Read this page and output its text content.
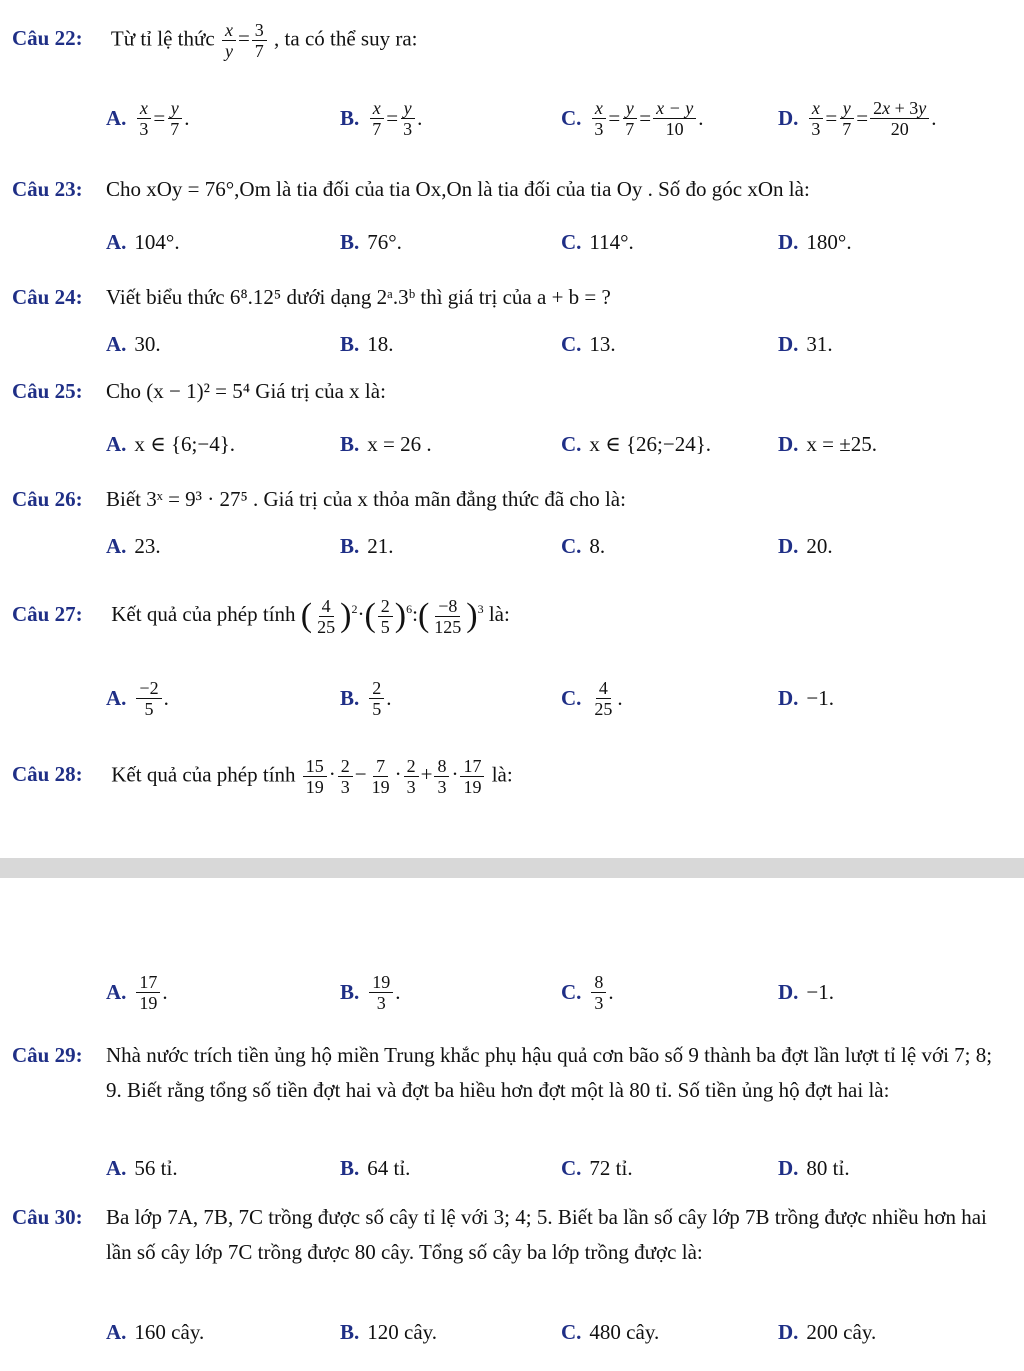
Câu 22: Từ tỉ lệ thức $\frac{x}{y} = \frac{3}{7}$ , ta có thể suy ra:
A. $\frac{x}{3} = \frac{y}{7}$ .	B. $\frac{x}{7} = \frac{y}{3}$ .	C. $\frac{x}{3} = \frac{y}{7} = \frac{x - y}{10}$ .	D. $\frac{x}{3} = \frac{y}{7} = \frac{2x + 3y}{20}$ .
Câu 23: Cho xOy = 76°,Om là tia đối của tia Ox,On là tia đối của tia Oy . Số đo góc xOn là:
A. 104°.	B. 76°.	C. 114°.	D. 180°.
Câu 24: Viết biểu thức 6⁸.12⁵ dưới dạng 2ᵃ.3ᵇ thì giá trị của a + b = ?
A. 30.	B. 18.	C. 13.	D. 31.
Câu 25: Cho (x − 1)² = 5⁴ Giá trị của x là:
A. x ∈ {6;−4}.	B. x = 26 .	C. x ∈ {26;−24}.	D. x = ±25.
Câu 26: Biết 3ˣ = 9³ · 27⁵ . Giá trị của x thỏa mãn đẳng thức đã cho là:
A. 23.	B. 21.	C. 8.	D. 20.
Câu 27: Kết quả của phép tính ( $\frac{4}{25} )^2\cdot( \frac{2}{5}$ )$^6:( \frac{-8}{125} )^3$ là:
A. $\frac{-2}{5}$ .	B. $\frac{2}{5}$ .	C. $\frac{4}{25}$ .	D. −1.
Câu 28: Kết quả của phép tính $\frac{15}{19} \cdot \frac{2}{3} - \frac{7}{19} \cdot \frac{2}{3} + \frac{8}{3} \cdot \frac{17}{19}$ là:
A. $\frac{17}{19}$ .	B. $\frac{19}{3}$ .	C. $\frac{8}{3}$ .	D. −1.
Câu 29: Nhà nước trích tiền ủng hộ miền Trung khắc phụ hậu quả cơn bão số 9 thành ba đợt lần lượt tỉ lệ với 7; 8; 9. Biết rằng tổng số tiền đợt hai và đợt ba hiều hơn đợt một là 80 tỉ. Số tiền ủng hộ đợt hai là:
A. 56 tỉ.	B. 64 tỉ.	C. 72 tỉ.	D. 80 tỉ.
Câu 30: Ba lớp 7A, 7B, 7C trồng được số cây tỉ lệ với 3; 4; 5. Biết ba lần số cây lớp 7B trồng được nhiều hơn hai lần số cây lớp 7C trồng được 80 cây. Tổng số cây ba lớp trồng được là:
A. 160 cây.	B. 120 cây.	C. 480 cây.	D. 200 cây.
